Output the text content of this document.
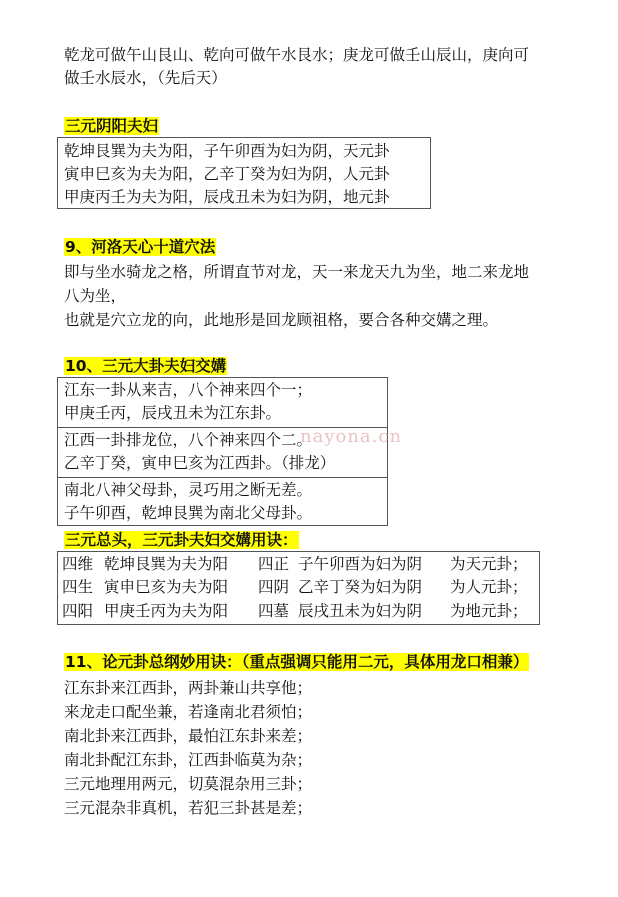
乾龙可做午山艮山、乾向可做午水艮水；庚龙可做壬山辰山，庚向可
做壬水辰水，（先后天）
三元阴阳夫妇
乾坤艮巽为夫为阳，子午卯酉为妇为阴，天元卦
寅申巳亥为夫为阳，乙辛丁癸为妇为阴，人元卦
甲庚丙壬为夫为阳，辰戌丑未为妇为阴，地元卦
9、河洛天心十道穴法
即与坐水骑龙之格，所谓直节对龙，天一来龙天九为坐，地二来龙地
八为坐，
也就是穴立龙的向，此地形是回龙顾祖格，要合各种交媾之理。
10、三元大卦夫妇交媾
江东一卦从来吉，八个神来四个一；
甲庚壬丙，辰戌丑未为江东卦。
江西一卦排龙位，八个神来四个二。
乙辛丁癸，寅申巳亥为江西卦。（排龙）
南北八神父母卦，灵巧用之断无差。
子午卯酉，乾坤艮巽为南北父母卦。
nayona.cn
三元总头，三元卦夫妇交媾用诀：
四维 乾坤艮巽为夫为阳 四正 子午卯酉为妇为阴 为天元卦；
四生 寅申巳亥为夫为阳 四阴 乙辛丁癸为妇为阴 为人元卦；
四阳 甲庚壬丙为夫为阳 四墓 辰戌丑未为妇为阴 为地元卦；
11、论元卦总纲妙用诀：（重点强调只能用二元，具体用龙口相兼）
江东卦来江西卦，两卦兼山共享他；
来龙走口配坐兼，若逢南北君须怕；
南北卦来江西卦，最怕江东卦来差；
南北卦配江东卦，江西卦临莫为杂；
三元地理用两元，切莫混杂用三卦；
三元混杂非真机，若犯三卦甚是差；
